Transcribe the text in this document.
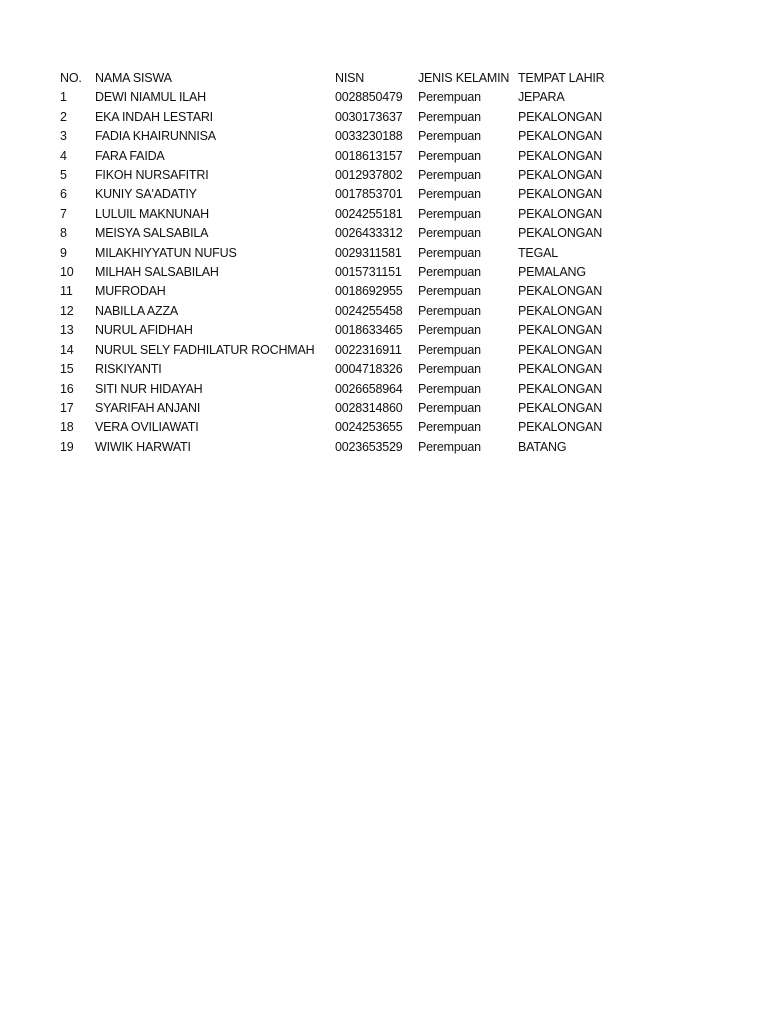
NO.	NAMA SISWA	NISN	JENIS KELAMIN	TEMPAT LAHIR
1	DEWI NIAMUL ILAH	0028850479	Perempuan	JEPARA
2	EKA INDAH LESTARI	0030173637	Perempuan	PEKALONGAN
3	FADIA KHAIRUNNISA	0033230188	Perempuan	PEKALONGAN
4	FARA FAIDA	0018613157	Perempuan	PEKALONGAN
5	FIKOH NURSAFITRI	0012937802	Perempuan	PEKALONGAN
6	KUNIY SA'ADATIY	0017853701	Perempuan	PEKALONGAN
7	LULUIL MAKNUNAH	0024255181	Perempuan	PEKALONGAN
8	MEISYA SALSABILA	0026433312	Perempuan	PEKALONGAN
9	MILAKHIYYATUN NUFUS	0029311581	Perempuan	TEGAL
10	MILHAH SALSABILAH	0015731151	Perempuan	PEMALANG
11	MUFRODAH	0018692955	Perempuan	PEKALONGAN
12	NABILLA AZZA	0024255458	Perempuan	PEKALONGAN
13	NURUL AFIDHAH	0018633465	Perempuan	PEKALONGAN
14	NURUL SELY FADHILATUR ROCHMAH	0022316911	Perempuan	PEKALONGAN
15	RISKIYANTI	0004718326	Perempuan	PEKALONGAN
16	SITI NUR HIDAYAH	0026658964	Perempuan	PEKALONGAN
17	SYARIFAH ANJANI	0028314860	Perempuan	PEKALONGAN
18	VERA OVILIAWATI	0024253655	Perempuan	PEKALONGAN
19	WIWIK HARWATI	0023653529	Perempuan	BATANG
